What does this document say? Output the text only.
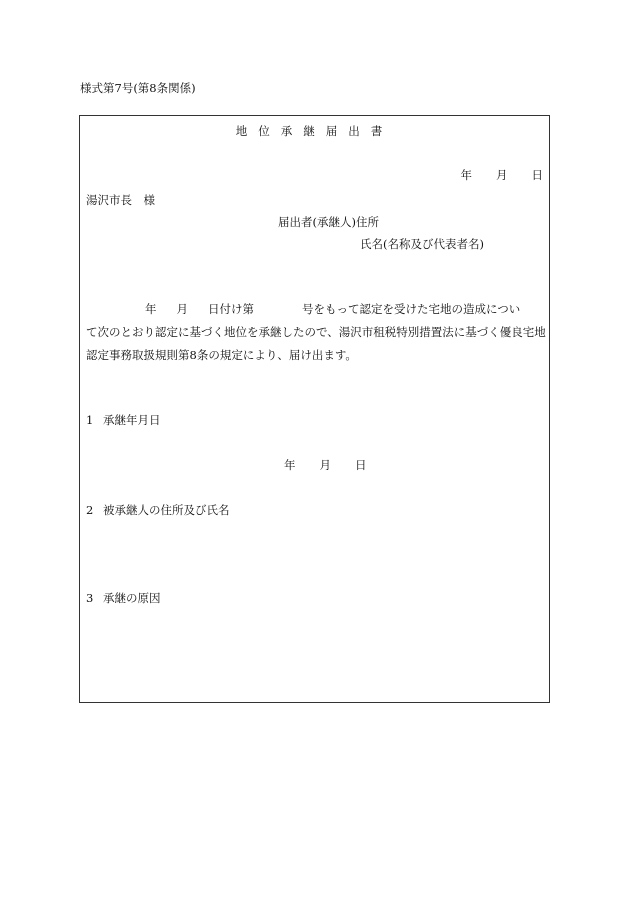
様式第7号(第8条関係)
地位承継届出書
年 月 日
湯沢市長　様
届出者(承継人)住所
氏名(名称及び代表者名)
年 月 日付け第	号をもって認定を受けた宅地の造成につい
て次のとおり認定に基づく地位を承継したので、湯沢市租税特別措置法に基づく優良宅地
認定事務取扱規則第8条の規定により、届け出ます。
1 承継年月日
年 月 日
2 被承継人の住所及び氏名
3 承継の原因
